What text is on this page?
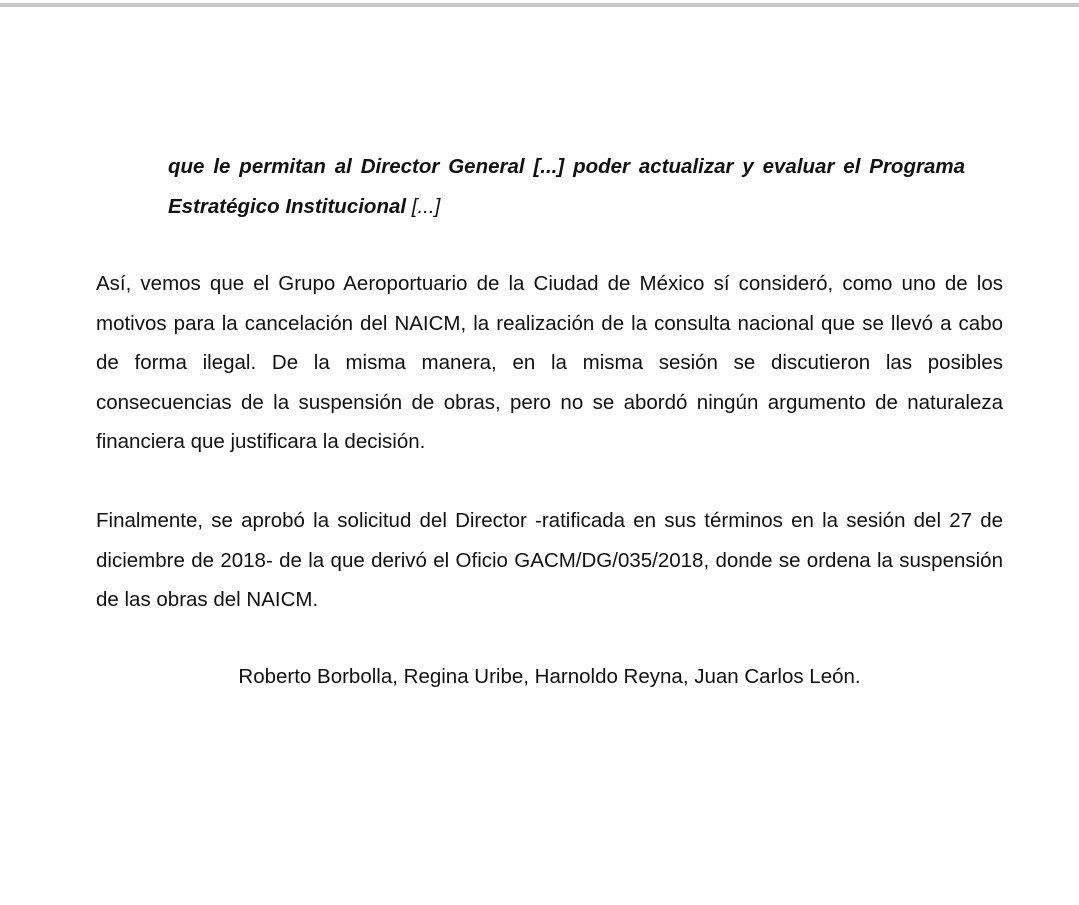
que le permitan al Director General [...] poder actualizar y evaluar el Programa Estratégico Institucional [...]

Así, vemos que el Grupo Aeroportuario de la Ciudad de México sí consideró, como uno de los motivos para la cancelación del NAICM, la realización de la consulta nacional que se llevó a cabo de forma ilegal. De la misma manera, en la misma sesión se discutieron las posibles consecuencias de la suspensión de obras, pero no se abordó ningún argumento de naturaleza financiera que justificara la decisión.

Finalmente, se aprobó la solicitud del Director -ratificada en sus términos en la sesión del 27 de diciembre de 2018- de la que derivó el Oficio GACM/DG/035/2018, donde se ordena la suspensión de las obras del NAICM.

Roberto Borbolla, Regina Uribe, Harnoldo Reyna, Juan Carlos León.
